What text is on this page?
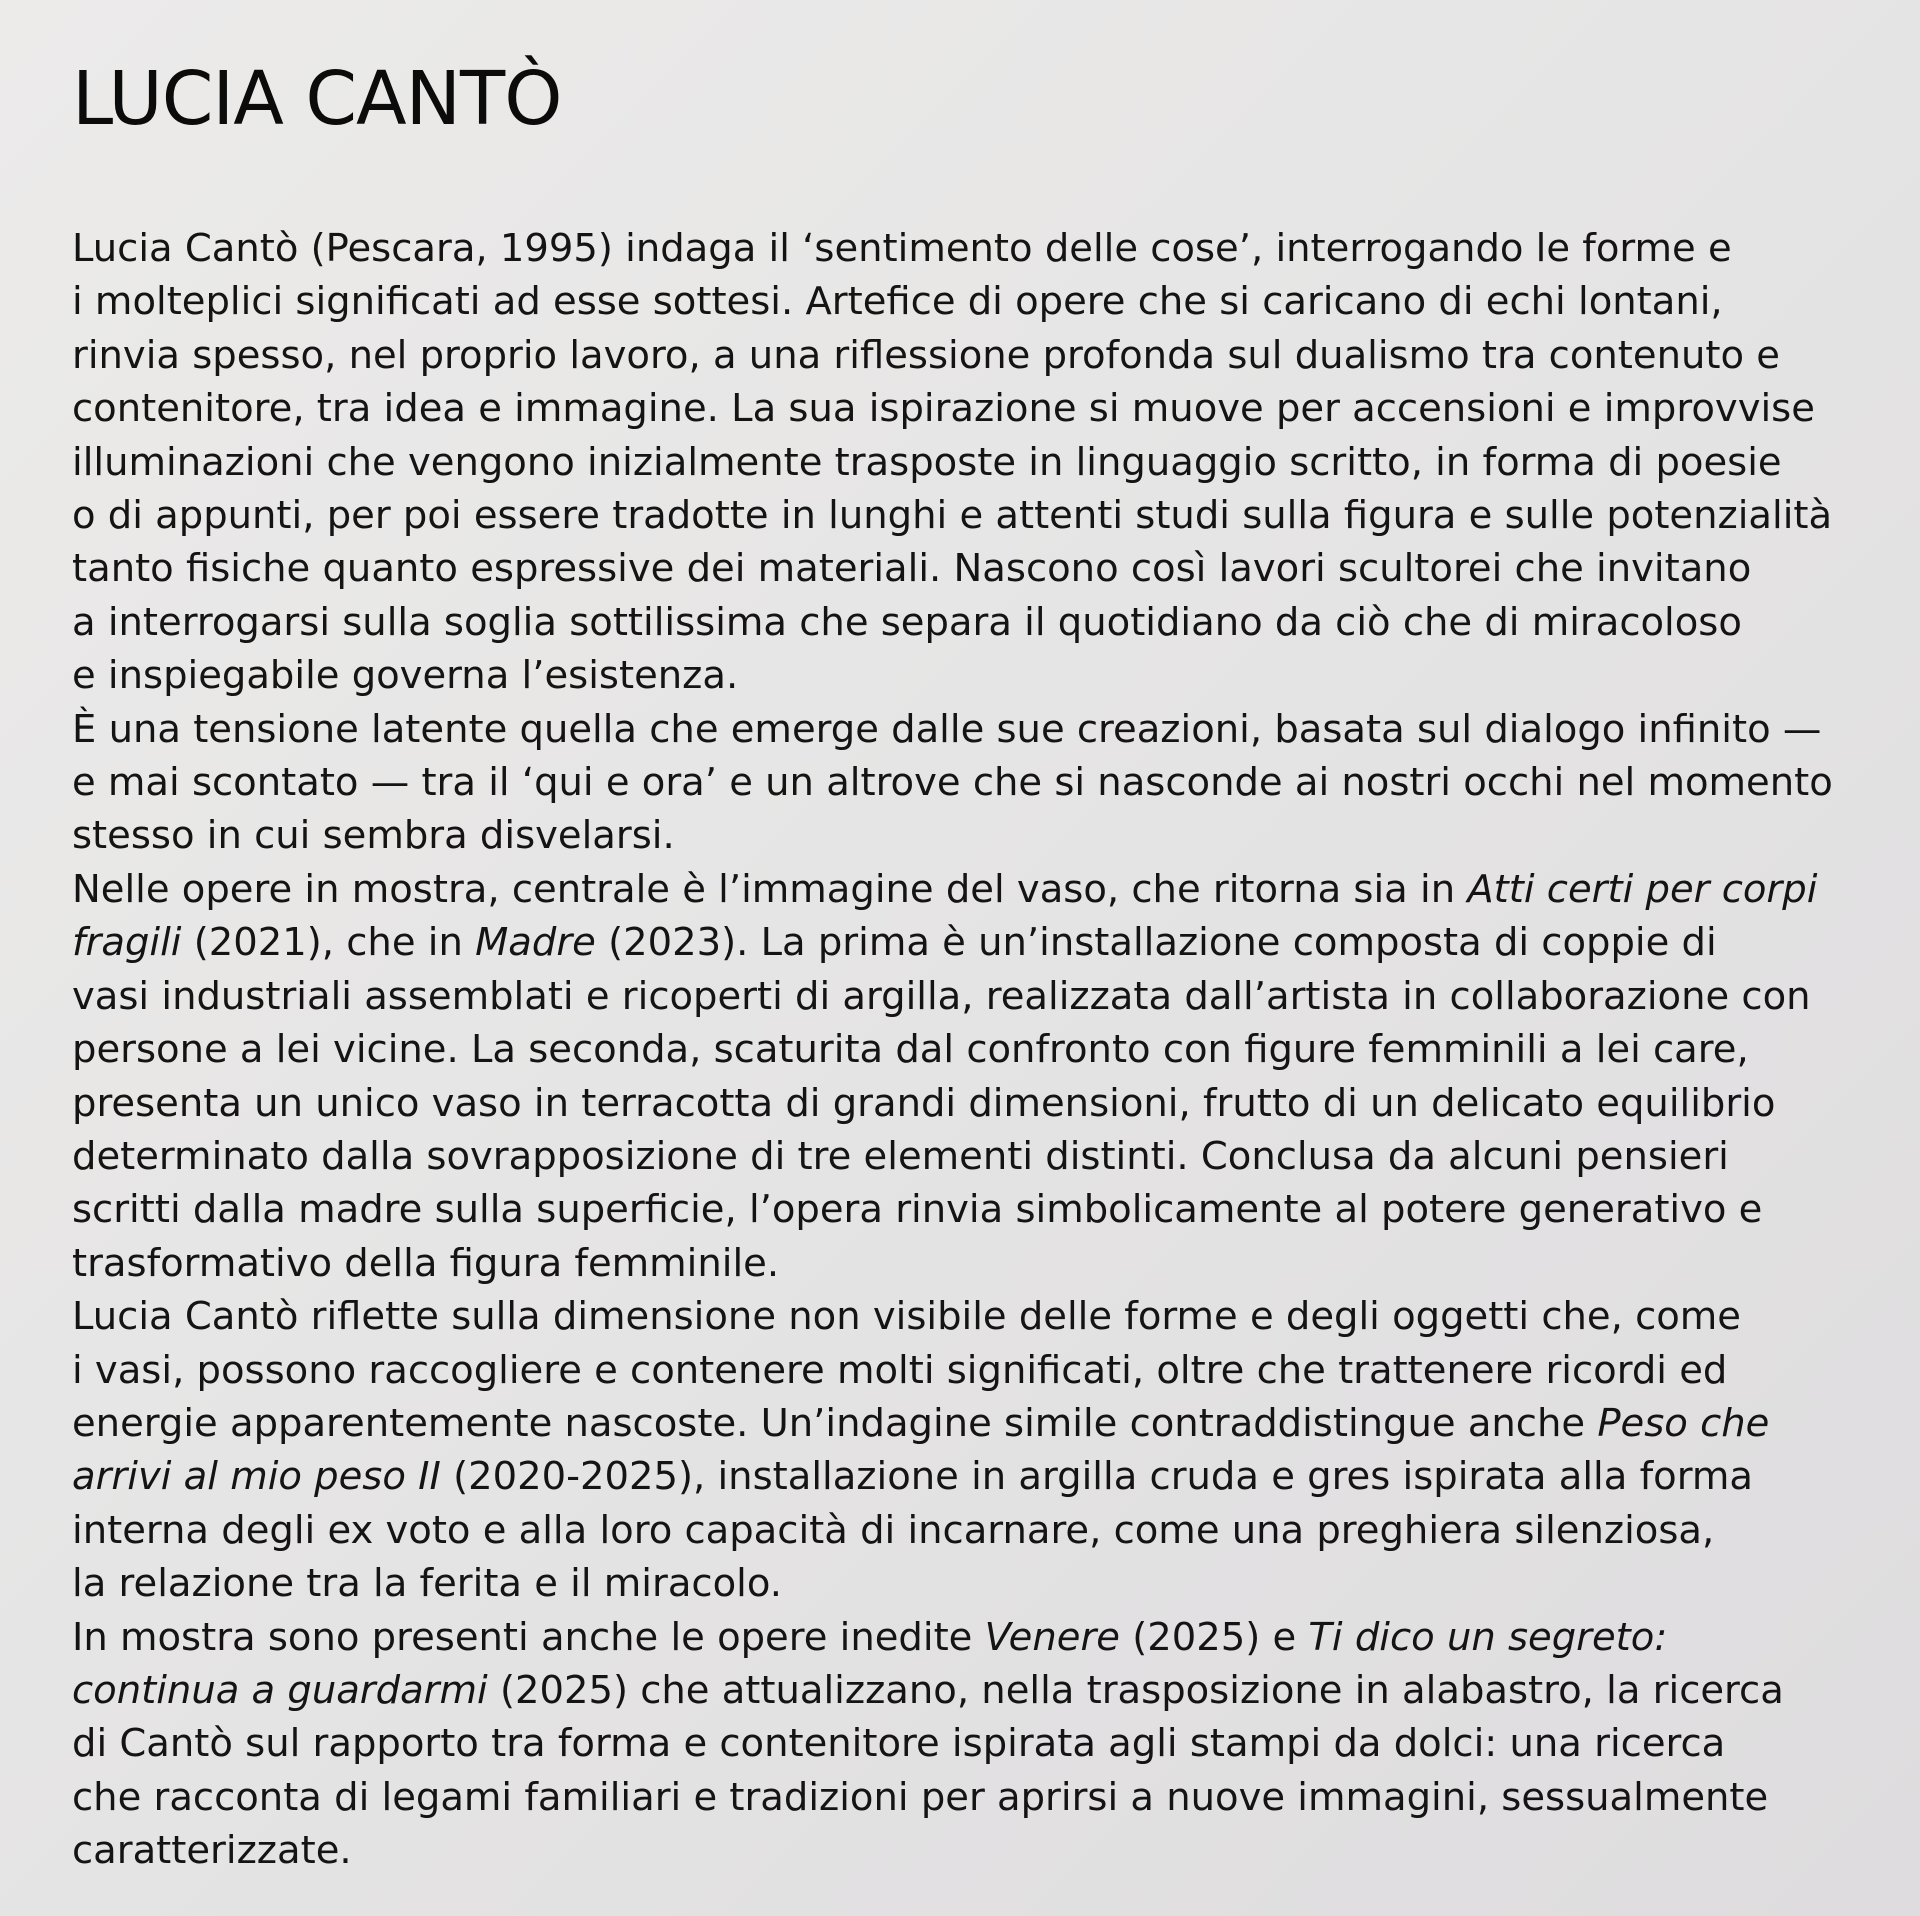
LUCIA CANTÒ

Lucia Cantò (Pescara, 1995) indaga il ‘sentimento delle cose’, interrogando le forme e
i molteplici significati ad esse sottesi. Artefice di opere che si caricano di echi lontani,
rinvia spesso, nel proprio lavoro, a una riflessione profonda sul dualismo tra contenuto e
contenitore, tra idea e immagine. La sua ispirazione si muove per accensioni e improvvise
illuminazioni che vengono inizialmente trasposte in linguaggio scritto, in forma di poesie
o di appunti, per poi essere tradotte in lunghi e attenti studi sulla figura e sulle potenzialità
tanto fisiche quanto espressive dei materiali. Nascono così lavori scultorei che invitano
a interrogarsi sulla soglia sottilissima che separa il quotidiano da ciò che di miracoloso
e inspiegabile governa l’esistenza.

È una tensione latente quella che emerge dalle sue creazioni, basata sul dialogo infinito —
e mai scontato — tra il ‘qui e ora’ e un altrove che si nasconde ai nostri occhi nel momento
stesso in cui sembra disvelarsi.

Nelle opere in mostra, centrale è l’immagine del vaso, che ritorna sia in Atti certi per corpi
fragili (2021), che in Madre (2023). La prima è un’installazione composta di coppie di
vasi industriali assemblati e ricoperti di argilla, realizzata dall’artista in collaborazione con
persone a lei vicine. La seconda, scaturita dal confronto con figure femminili a lei care,
presenta un unico vaso in terracotta di grandi dimensioni, frutto di un delicato equilibrio
determinato dalla sovrapposizione di tre elementi distinti. Conclusa da alcuni pensieri
scritti dalla madre sulla superficie, l’opera rinvia simbolicamente al potere generativo e
trasformativo della figura femminile.

Lucia Cantò riflette sulla dimensione non visibile delle forme e degli oggetti che, come
i vasi, possono raccogliere e contenere molti significati, oltre che trattenere ricordi ed
energie apparentemente nascoste. Un’indagine simile contraddistingue anche Peso che
arrivi al mio peso II (2020-2025), installazione in argilla cruda e gres ispirata alla forma
interna degli ex voto e alla loro capacità di incarnare, come una preghiera silenziosa,
la relazione tra la ferita e il miracolo.

In mostra sono presenti anche le opere inedite Venere (2025) e Ti dico un segreto:
continua a guardarmi (2025) che attualizzano, nella trasposizione in alabastro, la ricerca
di Cantò sul rapporto tra forma e contenitore ispirata agli stampi da dolci: una ricerca
che racconta di legami familiari e tradizioni per aprirsi a nuove immagini, sessualmente
caratterizzate.
